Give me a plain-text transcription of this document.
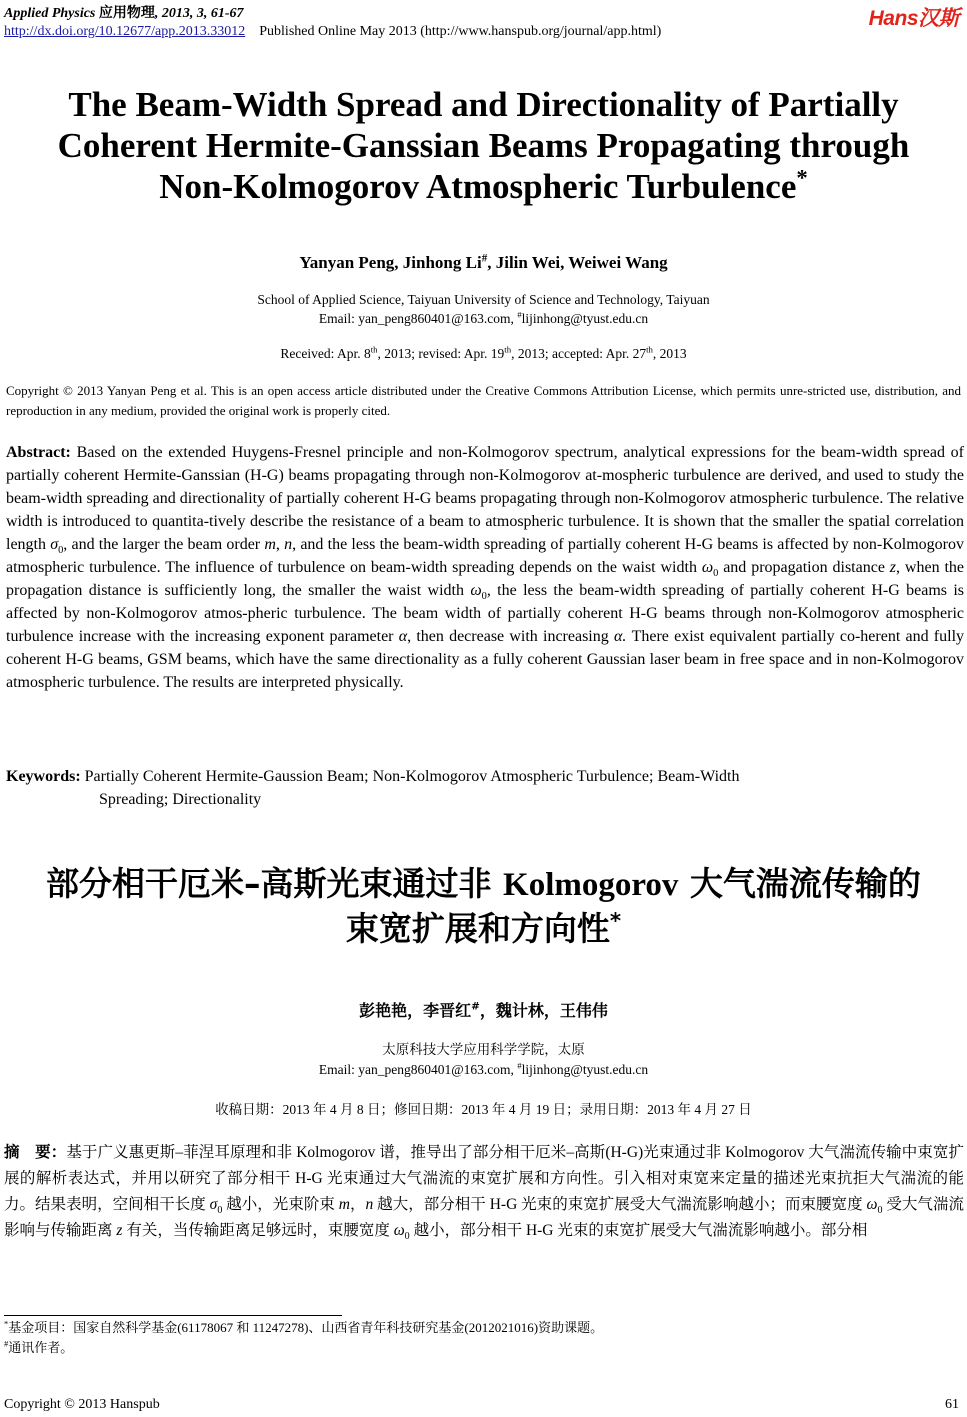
Applied Physics 应用物理, 2013, 3, 61-67
http://dx.doi.org/10.12677/app.2013.33012 Published Online May 2013 (http://www.hanspub.org/journal/app.html)
Hans汉斯
The Beam-Width Spread and Directionality of Partially
Coherent Hermite-Ganssian Beams Propagating through
Non-Kolmogorov Atmospheric Turbulence*
Yanyan Peng, Jinhong Li#, Jilin Wei, Weiwei Wang
School of Applied Science, Taiyuan University of Science and Technology, Taiyuan
Email: yan_peng860401@163.com, #lijinhong@tyust.edu.cn
Received: Apr. 8th, 2013; revised: Apr. 19th, 2013; accepted: Apr. 27th, 2013
Copyright © 2013 Yanyan Peng et al. This is an open access article distributed under the Creative Commons Attribution License, which permits unre-stricted use, distribution, and reproduction in any medium, provided the original work is properly cited.
Abstract: Based on the extended Huygens-Fresnel principle and non-Kolmogorov spectrum, analytical expressions for the beam-width spread of partially coherent Hermite-Ganssian (H-G) beams propagating through non-Kolmogorov at-mospheric turbulence are derived, and used to study the beam-width spreading and directionality of partially coherent H-G beams propagating through non-Kolmogorov atmospheric turbulence. The relative width is introduced to quantita-tively describe the resistance of a beam to atmospheric turbulence. It is shown that the smaller the spatial correlation length $\sigma_0$, and the larger the beam order m, n, and the less the beam-width spreading of partially coherent H-G beams is affected by non-Kolmogorov atmospheric turbulence. The influence of turbulence on beam-width spreading depends on the waist width $\omega_0$ and propagation distance z, when the propagation distance is sufficiently long, the smaller the waist width $\omega_0$, the less the beam-width spreading of partially coherent H-G beams is affected by non-Kolmogorov atmos-pheric turbulence. The beam width of partially coherent H-G beams through non-Kolmogorov atmospheric turbulence increase with the increasing exponent parameter α, then decrease with increasing α. There exist equivalent partially co-herent and fully coherent H-G beams, GSM beams, which have the same directionality as a fully coherent Gaussian laser beam in free space and in non-Kolmogorov atmospheric turbulence. The results are interpreted physically.
Keywords: Partially Coherent Hermite-Gaussion Beam; Non-Kolmogorov Atmospheric Turbulence; Beam-Width
Spreading; Directionality
部分相干厄米–高斯光束通过非 Kolmogorov 大气湍流传输的
束宽扩展和方向性*
彭艳艳，李晋红#，魏计林，王伟伟
太原科技大学应用科学学院，太原
Email: yan_peng860401@163.com, #lijinhong@tyust.edu.cn
收稿日期：2013 年 4 月 8 日；修回日期：2013 年 4 月 19 日；录用日期：2013 年 4 月 27 日
摘　要：基于广义惠更斯–菲涅耳原理和非 Kolmogorov 谱，推导出了部分相干厄米–高斯(H-G)光束通过非 Kolmogorov 大气湍流传输中束宽扩展的解析表达式，并用以研究了部分相干 H-G 光束通过大气湍流的束宽扩展和方向性。引入相对束宽来定量的描述光束抗拒大气湍流的能力。结果表明，空间相干长度 $\sigma_0$ 越小，光束阶束 m，n 越大，部分相干 H-G 光束的束宽扩展受大气湍流影响越小；而束腰宽度 $\omega_0$ 受大气湍流影响与传输距离 z 有关，当传输距离足够远时，束腰宽度 $\omega_0$ 越小，部分相干 H-G 光束的束宽扩展受大气湍流影响越小。部分相
*基金项目：国家自然科学基金(61178067 和 11247278)、山西省青年科技研究基金(2012021016)资助课题。
#通讯作者。
Copyright © 2013 Hanspub	61
